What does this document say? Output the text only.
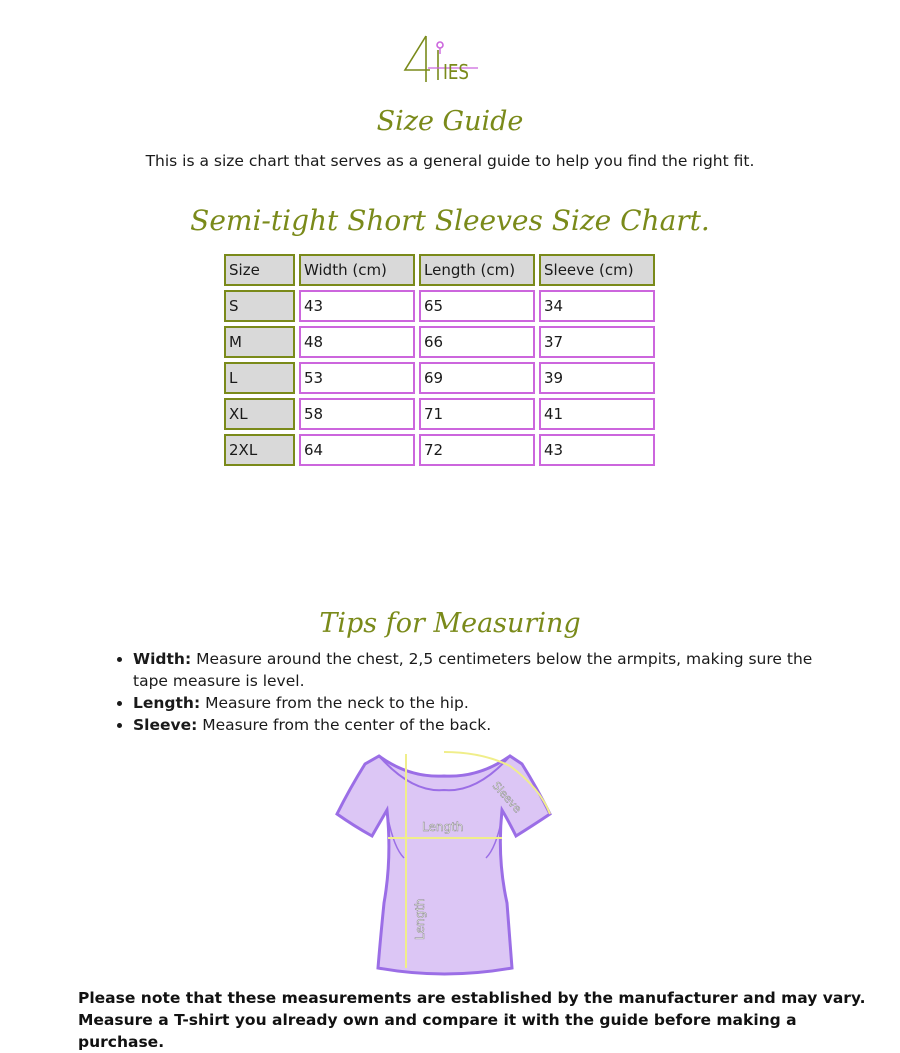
IES
Size Guide
This is a size chart that serves as a general guide to help you find the right fit.
Semi-tight Short Sleeves Size Chart.
Size	Width (cm)	Length (cm)	Sleeve (cm)
S	43	65	34
M	48	66	37
L	53	69	39
XL	58	71	41
2XL	64	72	43
Tips for Measuring
• Width: Measure around the chest, 2,5 centimeters below the armpits, making sure the tape measure is level.
• Length: Measure from the neck to the hip.
• Sleeve: Measure from the center of the back.
Sleeve
Length
Length

Please note that these measurements are established by the manufacturer and may vary.

Measure a T-shirt you already own and compare it with the guide before making a purchase.
